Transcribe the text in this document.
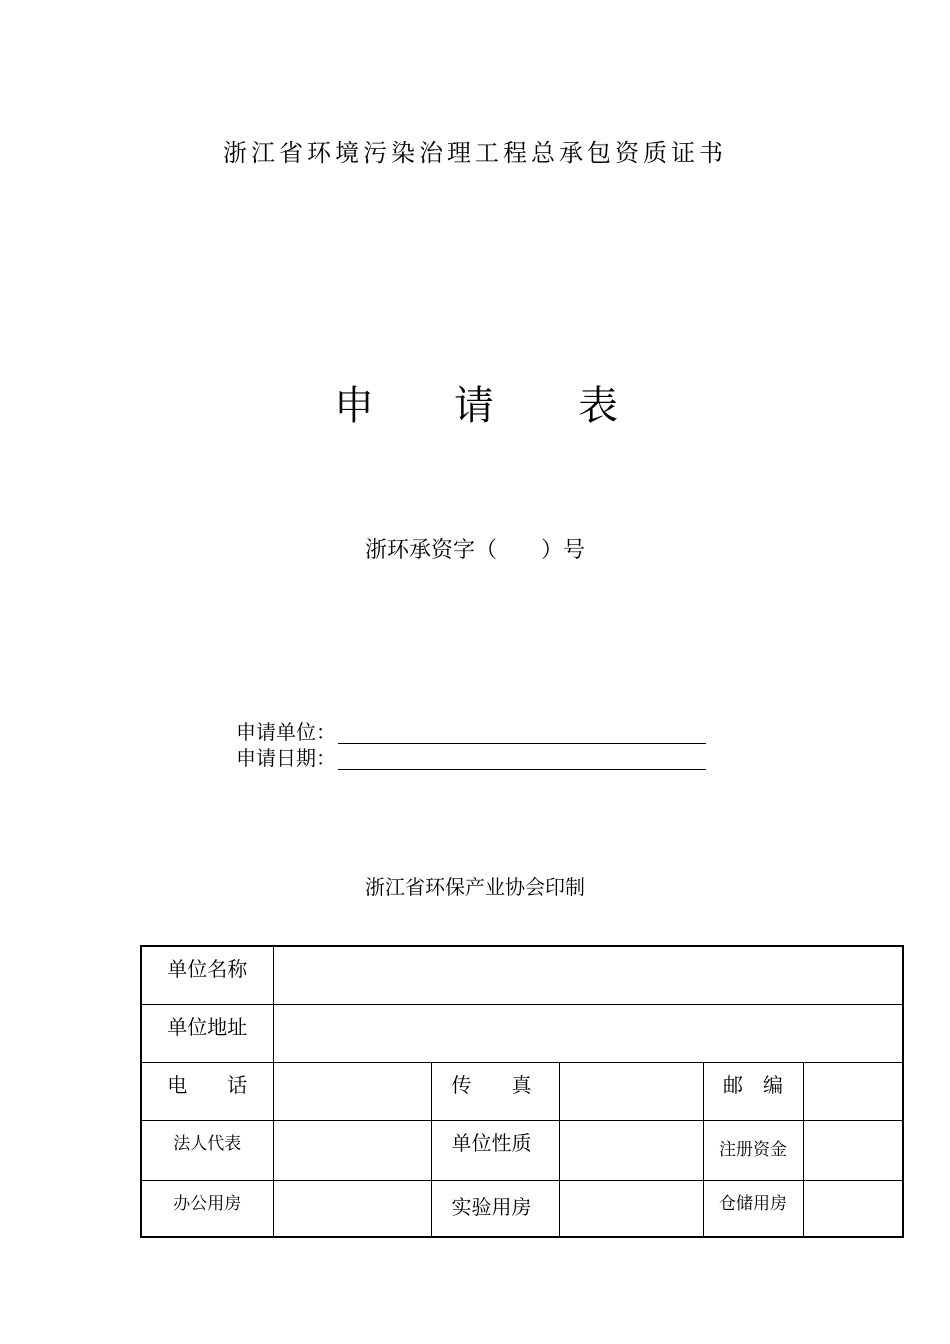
浙江省环境污染治理工程总承包资质证书
申 请 表
浙环承资字（　　）号
申请单位：
申请日期：
浙江省环保产业协会印制
单位名称					
单位地址					
电　　话		传　　真		邮　编	
法人代表		单位性质		注册资金	
办公用房		实验用房		仓储用房	
